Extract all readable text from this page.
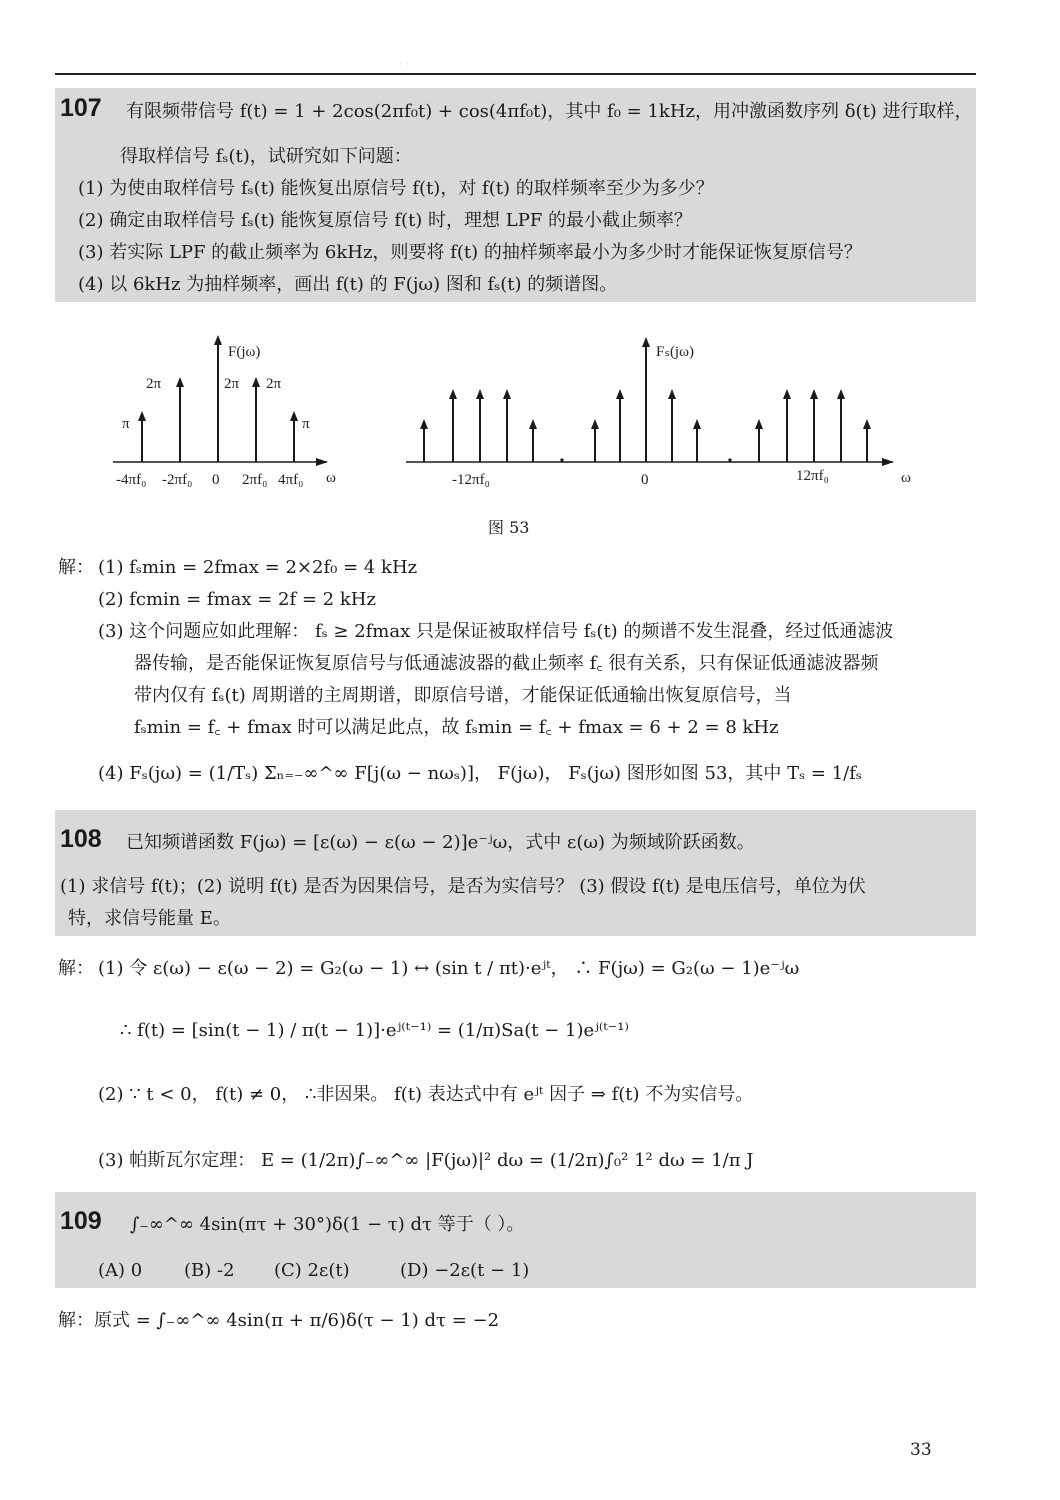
······
107 有限频带信号 f(t) = 1 + 2cos(2πf₀t) + cos(4πf₀t)，其中 f₀ = 1kHz，用冲激函数序列 δ(t) 进行取样，
得取样信号 fₛ(t)，试研究如下问题：
(1) 为使由取样信号 fₛ(t) 能恢复出原信号 f(t)，对 f(t) 的取样频率至少为多少？
(2) 确定由取样信号 fₛ(t) 能恢复原信号 f(t) 时，理想 LPF 的最小截止频率？
(3) 若实际 LPF 的截止频率为 6kHz，则要将 f(t) 的抽样频率最小为多少时才能保证恢复原信号？
(4) 以 6kHz 为抽样频率，画出 f(t) 的 F(jω) 图和 fₛ(t) 的频谱图。
F(jω)
2π	2π 2π
π	π
-4πf₀ -2πf₀ 0 2πf₀ 4πf₀ ω
Fₛ(jω)
-12πf₀	0	12πf₀	ω
图 53
解： (1) fₛmin = 2fmax = 2×2f₀ = 4 kHz
(2) fcmin = fmax = 2f = 2 kHz
(3) 这个问题应如此理解： fₛ ≥ 2fmax 只是保证被取样信号 fₛ(t) 的频谱不发生混叠，经过低通滤波
器传输，是否能保证恢复原信号与低通滤波器的截止频率 f꜀ 很有关系，只有保证低通滤波器频
带内仅有 fₛ(t) 周期谱的主周期谱，即原信号谱，才能保证低通输出恢复原信号，当
fₛmin = f꜀ + fmax 时可以满足此点，故 fₛmin = f꜀ + fmax = 6 + 2 = 8 kHz
(4) Fₛ(jω) = (1/Tₛ) Σₙ₌₋∞^∞ F[j(ω − nωₛ)]， F(jω)， Fₛ(jω) 图形如图 53，其中 Tₛ = 1/fₛ
108 已知频谱函数 F(jω) = [ε(ω) − ε(ω − 2)]e⁻ʲω，式中 ε(ω) 为频域阶跃函数。
(1) 求信号 f(t)；(2) 说明 f(t) 是否为因果信号，是否为实信号？ (3) 假设 f(t) 是电压信号，单位为伏
特，求信号能量 E。
解： (1) 令 ε(ω) − ε(ω − 2) = G₂(ω − 1) ↔ (sin t / πt)·eʲᵗ， ∴ F(jω) = G₂(ω − 1)e⁻ʲω
∴ f(t) = [sin(t − 1) / π(t − 1)]·eʲ⁽ᵗ⁻¹⁾ = (1/π)Sa(t − 1)eʲ⁽ᵗ⁻¹⁾
(2) ∵ t < 0， f(t) ≠ 0， ∴非因果。 f(t) 表达式中有 eʲᵗ 因子 ⇒ f(t) 不为实信号。
(3) 帕斯瓦尔定理： E = (1/2π)∫₋∞^∞ |F(jω)|² dω = (1/2π)∫₀² 1² dω = 1/π J
109 ∫₋∞^∞ 4sin(πτ + 30°)δ(1 − τ) dτ 等于（ ）。
(A) 0 (B) -2 (C) 2ε(t)	(D) −2ε(t − 1)
解：原式 = ∫₋∞^∞ 4sin(π + π/6)δ(τ − 1) dτ = −2
33
